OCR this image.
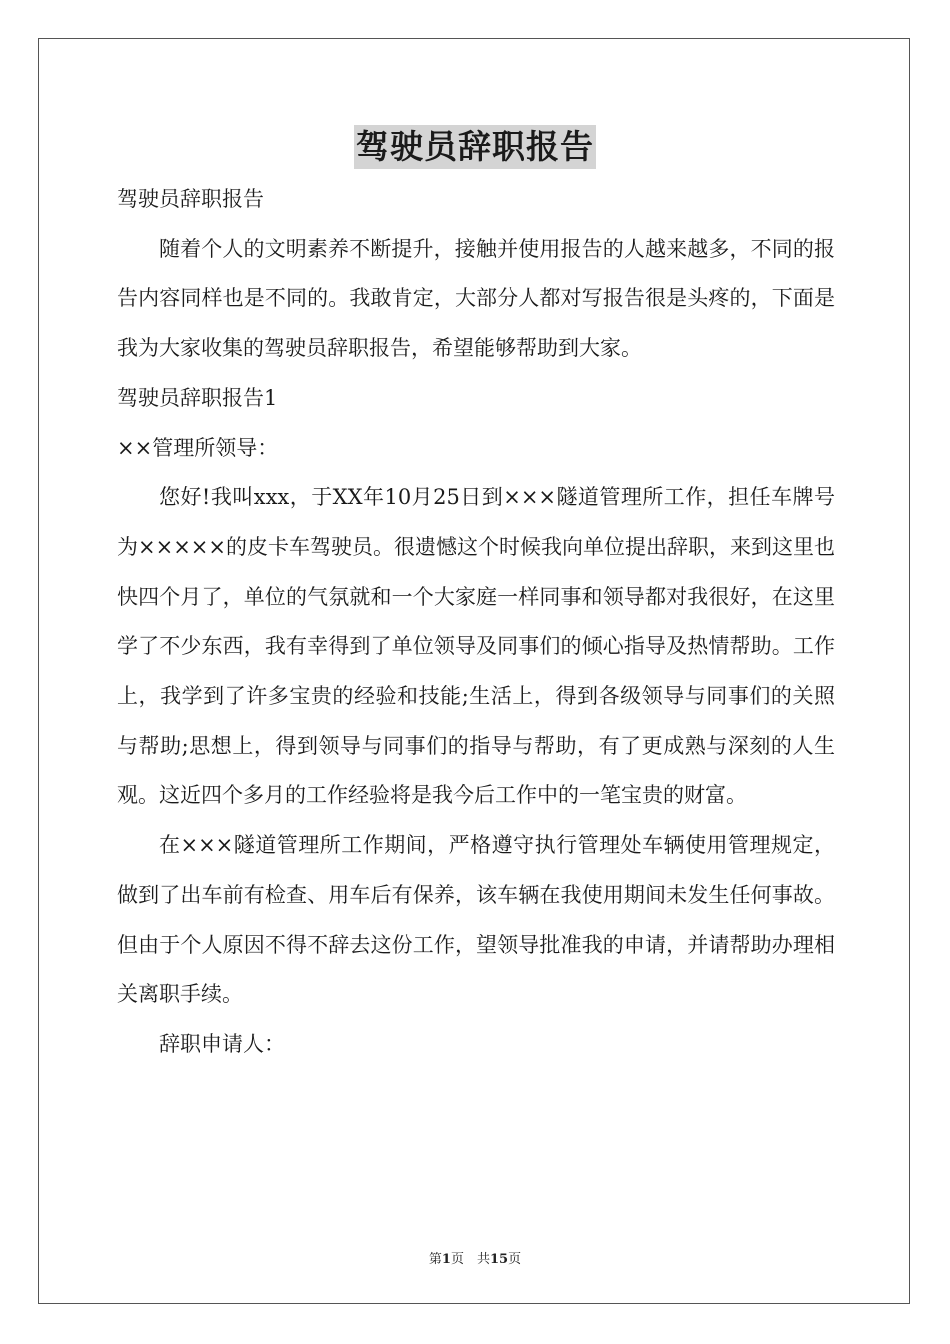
驾驶员辞职报告

驾驶员辞职报告

随着个人的文明素养不断提升，接触并使用报告的人越来越多，不同的报告内容同样也是不同的。我敢肯定，大部分人都对写报告很是头疼的，下面是我为大家收集的驾驶员辞职报告，希望能够帮助到大家。

驾驶员辞职报告1

××管理所领导：

您好!我叫xxx，于XX年10月25日到×××隧道管理所工作，担任车牌号为×××××的皮卡车驾驶员。很遗憾这个时候我向单位提出辞职，来到这里也快四个月了，单位的气氛就和一个大家庭一样同事和领导都对我很好，在这里学了不少东西，我有幸得到了单位领导及同事们的倾心指导及热情帮助。工作上，我学到了许多宝贵的经验和技能;生活上，得到各级领导与同事们的关照与帮助;思想上，得到领导与同事们的指导与帮助，有了更成熟与深刻的人生观。这近四个多月的工作经验将是我今后工作中的一笔宝贵的财富。

在×××隧道管理所工作期间，严格遵守执行管理处车辆使用管理规定，做到了出车前有检查、用车后有保养，该车辆在我使用期间未发生任何事故。但由于个人原因不得不辞去这份工作，望领导批准我的申请，并请帮助办理相关离职手续。

辞职申请人：

第1页　共15页
